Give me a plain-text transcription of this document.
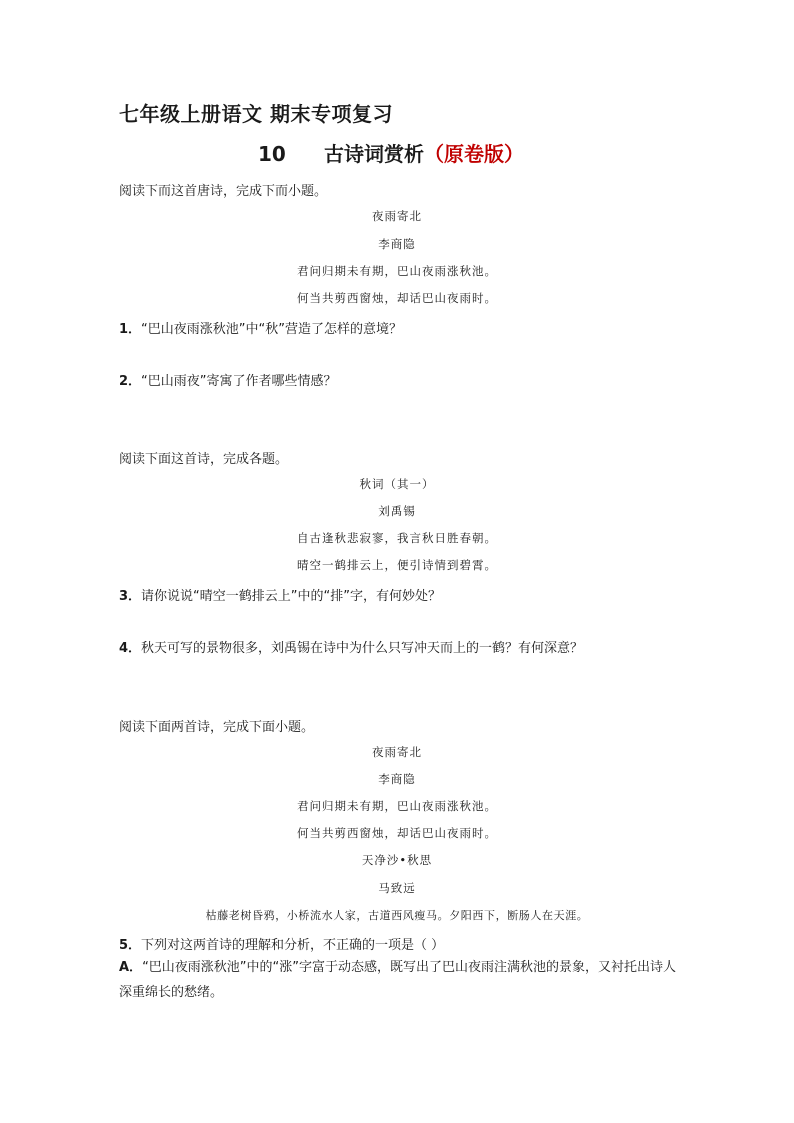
七年级上册语文 期末专项复习
10 古诗词赏析（原卷版）
阅读下而这首唐诗，完成下而小题。
夜雨寄北
李商隐
君问归期未有期，巴山夜雨涨秋池。
何当共剪西窗烛，却话巴山夜雨时。
1．“巴山夜雨涨秋池”中“秋”营造了怎样的意境？
2．“巴山雨夜”寄寓了作者哪些情感？
阅读下面这首诗，完成各题。
秋词（其一）
刘禹锡
自古逢秋悲寂寥，我言秋日胜春朝。
晴空一鹤排云上，便引诗情到碧霄。
3．请你说说“晴空一鹤排云上”中的“排”字，有何妙处？
4．秋天可写的景物很多，刘禹锡在诗中为什么只写冲天而上的一鹤？有何深意？
阅读下面两首诗，完成下面小题。
夜雨寄北
李商隐
君问归期未有期，巴山夜雨涨秋池。
何当共剪西窗烛，却话巴山夜雨时。
天净沙•秋思
马致远
枯藤老树昏鸦，小桥流水人家，古道西风瘦马。夕阳西下，断肠人在天涯。
5．下列对这两首诗的理解和分析，不正确的一项是（ ）
A．“巴山夜雨涨秋池”中的“涨”字富于动态感，既写出了巴山夜雨注满秋池的景象，又衬托出诗人深重绵长的愁绪。
